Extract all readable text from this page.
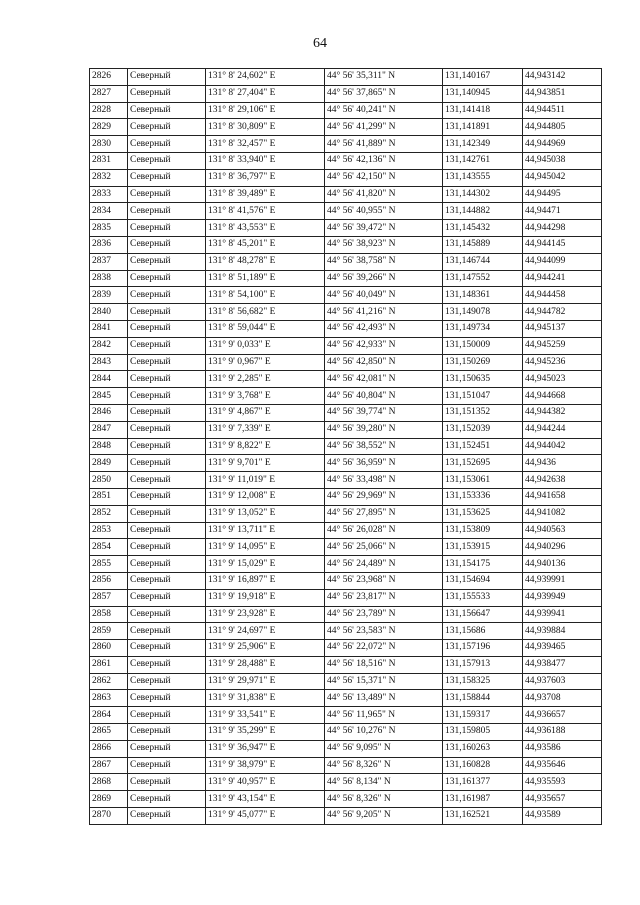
64
2826	Северный	131° 8' 24,602" E	44° 56' 35,311" N	131,140167	44,943142
2827	Северный	131° 8' 27,404" E	44° 56' 37,865" N	131,140945	44,943851
2828	Северный	131° 8' 29,106" E	44° 56' 40,241" N	131,141418	44,944511
2829	Северный	131° 8' 30,809" E	44° 56' 41,299" N	131,141891	44,944805
2830	Северный	131° 8' 32,457" E	44° 56' 41,889" N	131,142349	44,944969
2831	Северный	131° 8' 33,940" E	44° 56' 42,136" N	131,142761	44,945038
2832	Северный	131° 8' 36,797" E	44° 56' 42,150" N	131,143555	44,945042
2833	Северный	131° 8' 39,489" E	44° 56' 41,820" N	131,144302	44,94495
2834	Северный	131° 8' 41,576" E	44° 56' 40,955" N	131,144882	44,94471
2835	Северный	131° 8' 43,553" E	44° 56' 39,472" N	131,145432	44,944298
2836	Северный	131° 8' 45,201" E	44° 56' 38,923" N	131,145889	44,944145
2837	Северный	131° 8' 48,278" E	44° 56' 38,758" N	131,146744	44,944099
2838	Северный	131° 8' 51,189" E	44° 56' 39,266" N	131,147552	44,944241
2839	Северный	131° 8' 54,100" E	44° 56' 40,049" N	131,148361	44,944458
2840	Северный	131° 8' 56,682" E	44° 56' 41,216" N	131,149078	44,944782
2841	Северный	131° 8' 59,044" E	44° 56' 42,493" N	131,149734	44,945137
2842	Северный	131° 9' 0,033" E	44° 56' 42,933" N	131,150009	44,945259
2843	Северный	131° 9' 0,967" E	44° 56' 42,850" N	131,150269	44,945236
2844	Северный	131° 9' 2,285" E	44° 56' 42,081" N	131,150635	44,945023
2845	Северный	131° 9' 3,768" E	44° 56' 40,804" N	131,151047	44,944668
2846	Северный	131° 9' 4,867" E	44° 56' 39,774" N	131,151352	44,944382
2847	Северный	131° 9' 7,339" E	44° 56' 39,280" N	131,152039	44,944244
2848	Северный	131° 9' 8,822" E	44° 56' 38,552" N	131,152451	44,944042
2849	Северный	131° 9' 9,701" E	44° 56' 36,959" N	131,152695	44,9436
2850	Северный	131° 9' 11,019" E	44° 56' 33,498" N	131,153061	44,942638
2851	Северный	131° 9' 12,008" E	44° 56' 29,969" N	131,153336	44,941658
2852	Северный	131° 9' 13,052" E	44° 56' 27,895" N	131,153625	44,941082
2853	Северный	131° 9' 13,711" E	44° 56' 26,028" N	131,153809	44,940563
2854	Северный	131° 9' 14,095" E	44° 56' 25,066" N	131,153915	44,940296
2855	Северный	131° 9' 15,029" E	44° 56' 24,489" N	131,154175	44,940136
2856	Северный	131° 9' 16,897" E	44° 56' 23,968" N	131,154694	44,939991
2857	Северный	131° 9' 19,918" E	44° 56' 23,817" N	131,155533	44,939949
2858	Северный	131° 9' 23,928" E	44° 56' 23,789" N	131,156647	44,939941
2859	Северный	131° 9' 24,697" E	44° 56' 23,583" N	131,15686	44,939884
2860	Северный	131° 9' 25,906" E	44° 56' 22,072" N	131,157196	44,939465
2861	Северный	131° 9' 28,488" E	44° 56' 18,516" N	131,157913	44,938477
2862	Северный	131° 9' 29,971" E	44° 56' 15,371" N	131,158325	44,937603
2863	Северный	131° 9' 31,838" E	44° 56' 13,489" N	131,158844	44,93708
2864	Северный	131° 9' 33,541" E	44° 56' 11,965" N	131,159317	44,936657
2865	Северный	131° 9' 35,299" E	44° 56' 10,276" N	131,159805	44,936188
2866	Северный	131° 9' 36,947" E	44° 56' 9,095" N	131,160263	44,93586
2867	Северный	131° 9' 38,979" E	44° 56' 8,326" N	131,160828	44,935646
2868	Северный	131° 9' 40,957" E	44° 56' 8,134" N	131,161377	44,935593
2869	Северный	131° 9' 43,154" E	44° 56' 8,326" N	131,161987	44,935657
2870	Северный	131° 9' 45,077" E	44° 56' 9,205" N	131,162521	44,93589
